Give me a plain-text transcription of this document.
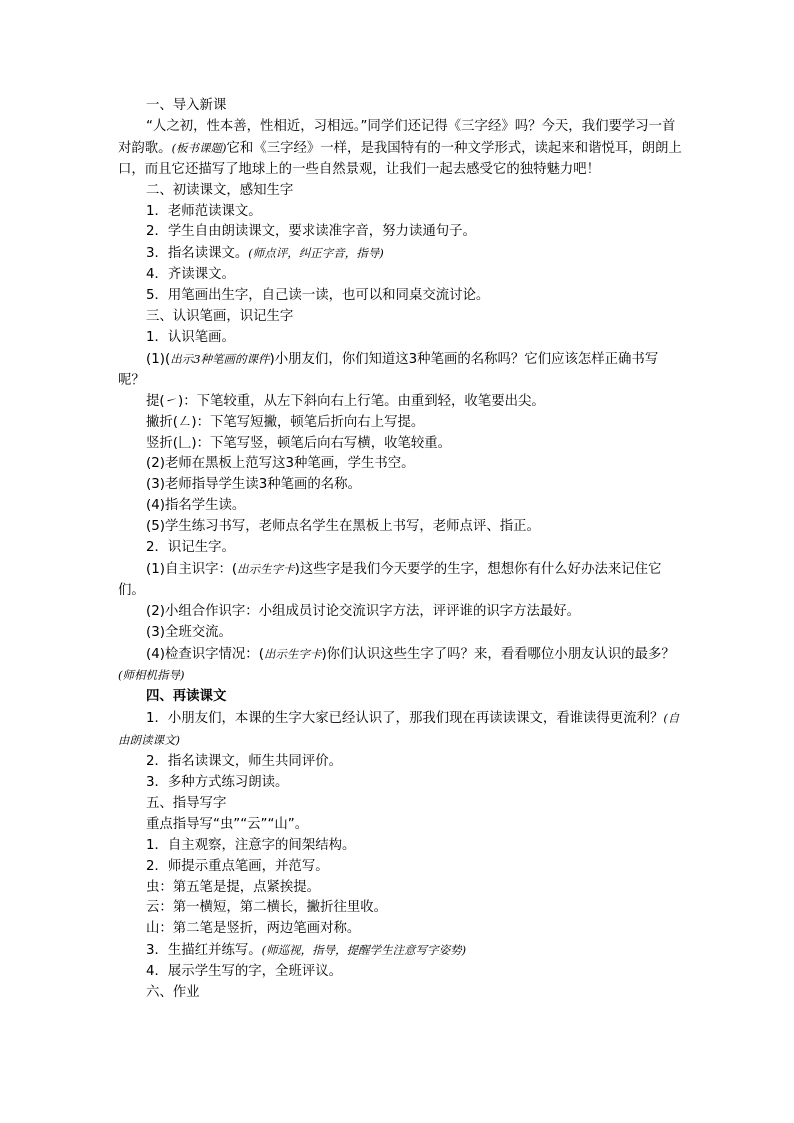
一、导入新课

“人之初，性本善，性相近，习相远。”同学们还记得《三字经》吗？今天，我们要学习一首对韵歌。(板书课题)它和《三字经》一样，是我国特有的一种文学形式，读起来和谐悦耳，朗朗上口，而且它还描写了地球上的一些自然景观，让我们一起去感受它的独特魅力吧！

二、初读课文，感知生字

1．老师范读课文。

2．学生自由朗读课文，要求读准字音，努力读通句子。

3．指名读课文。(师点评，纠正字音，指导)

4．齐读课文。

5．用笔画出生字，自己读一读，也可以和同桌交流讨论。

三、认识笔画，识记生字

1．认识笔画。

(1)(出示3种笔画的课件)小朋友们，你们知道这3种笔画的名称吗？它们应该怎样正确书写呢？

提(㇀)：下笔较重，从左下斜向右上行笔。由重到轻，收笔要出尖。

撇折(㇜)：下笔写短撇，顿笔后折向右上写提。

竖折(𠃊)：下笔写竖，顿笔后向右写横，收笔较重。

(2)老师在黑板上范写这3种笔画，学生书空。

(3)老师指导学生读3种笔画的名称。

(4)指名学生读。

(5)学生练习书写，老师点名学生在黑板上书写，老师点评、指正。

2．识记生字。

(1)自主识字：(出示生字卡)这些字是我们今天要学的生字，想想你有什么好办法来记住它们。

(2)小组合作识字：小组成员讨论交流识字方法，评评谁的识字方法最好。

(3)全班交流。

(4)检查识字情况：(出示生字卡)你们认识这些生字了吗？来，看看哪位小朋友认识的最多？(师相机指导)

四、再读课文

1．小朋友们，本课的生字大家已经认识了，那我们现在再读读课文，看谁读得更流利？(自由朗读课文)

2．指名读课文，师生共同评价。

3．多种方式练习朗读。

五、指导写字

重点指导写“虫”“云”“山”。

1．自主观察，注意字的间架结构。

2．师提示重点笔画，并范写。

虫：第五笔是提，点紧挨提。

云：第一横短，第二横长，撇折往里收。

山：第二笔是竖折，两边笔画对称。

3．生描红并练写。(师巡视，指导，提醒学生注意写字姿势)

4．展示学生写的字，全班评议。

六、作业
